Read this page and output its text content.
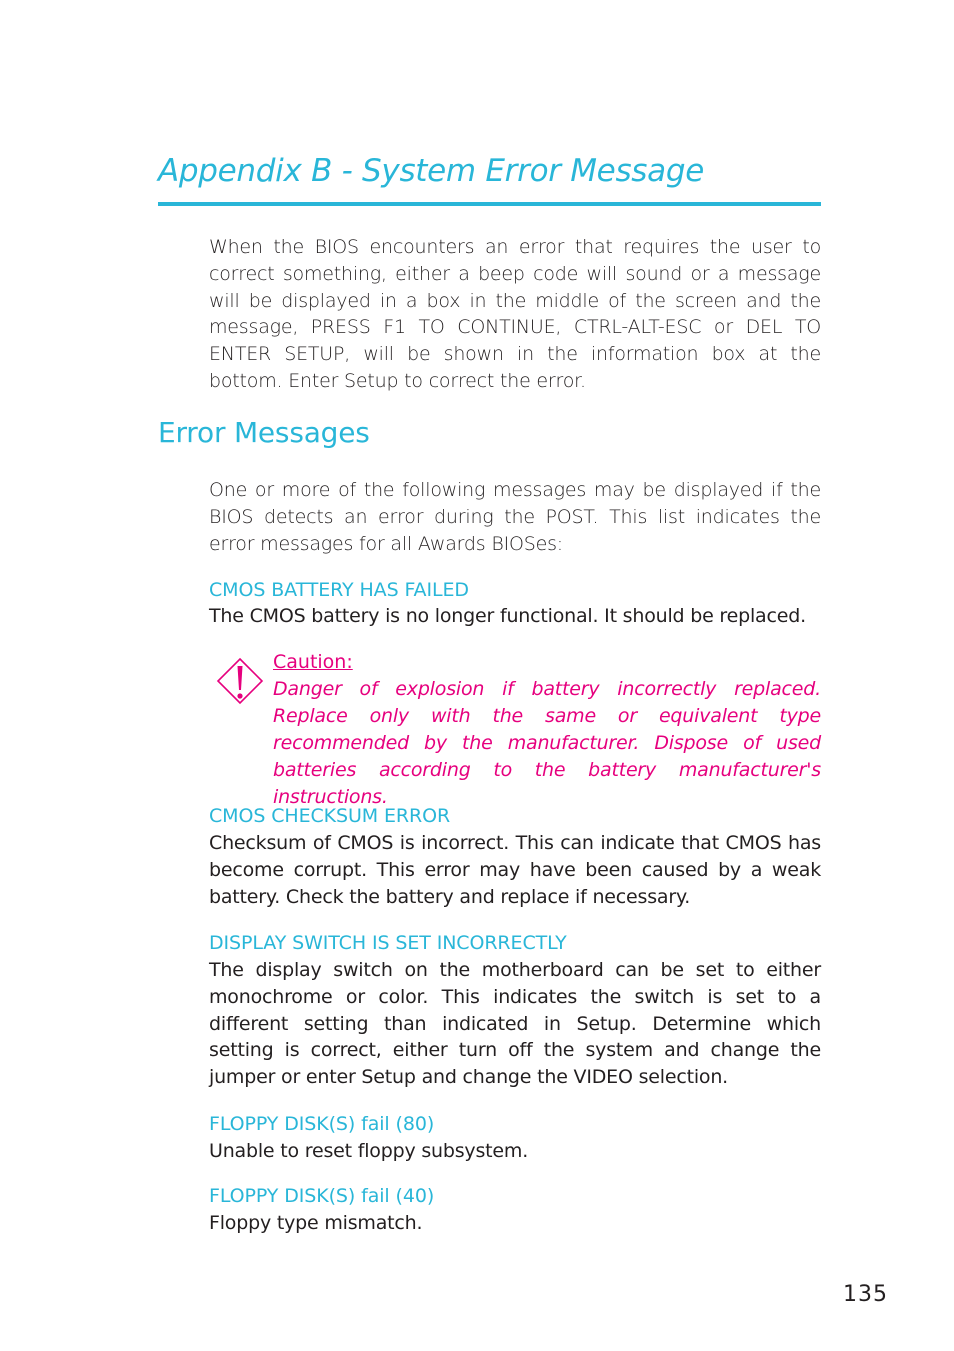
Appendix B - System Error Message

When the BIOS encounters an error that requires the user to correct something, either a beep code will sound or a message will be displayed in a box in the middle of the screen and the message, PRESS F1 TO CONTINUE, CTRL-ALT-ESC or DEL TO ENTER SETUP, will be shown in the information box at the bottom. Enter Setup to correct the error.

Error Messages

One or more of the following messages may be displayed if the BIOS detects an error during the POST. This list indicates the error messages for all Awards BIOSes:

CMOS BATTERY HAS FAILED

The CMOS battery is no longer functional. It should be replaced.

Caution:

Danger of explosion if battery incorrectly replaced. Replace only with the same or equivalent type recommended by the manufacturer. Dispose of used batteries according to the battery manufacturer's instructions.

CMOS CHECKSUM ERROR

Checksum of CMOS is incorrect. This can indicate that CMOS has become corrupt. This error may have been caused by a weak battery. Check the battery and replace if necessary.

DISPLAY SWITCH IS SET INCORRECTLY

The display switch on the motherboard can be set to either monochrome or color. This indicates the switch is set to a different setting than indicated in Setup. Determine which setting is correct, either turn off the system and change the jumper or enter Setup and change the VIDEO selection.

FLOPPY DISK(S) fail (80)

Unable to reset floppy subsystem.

FLOPPY DISK(S) fail (40)

Floppy type mismatch.

135
